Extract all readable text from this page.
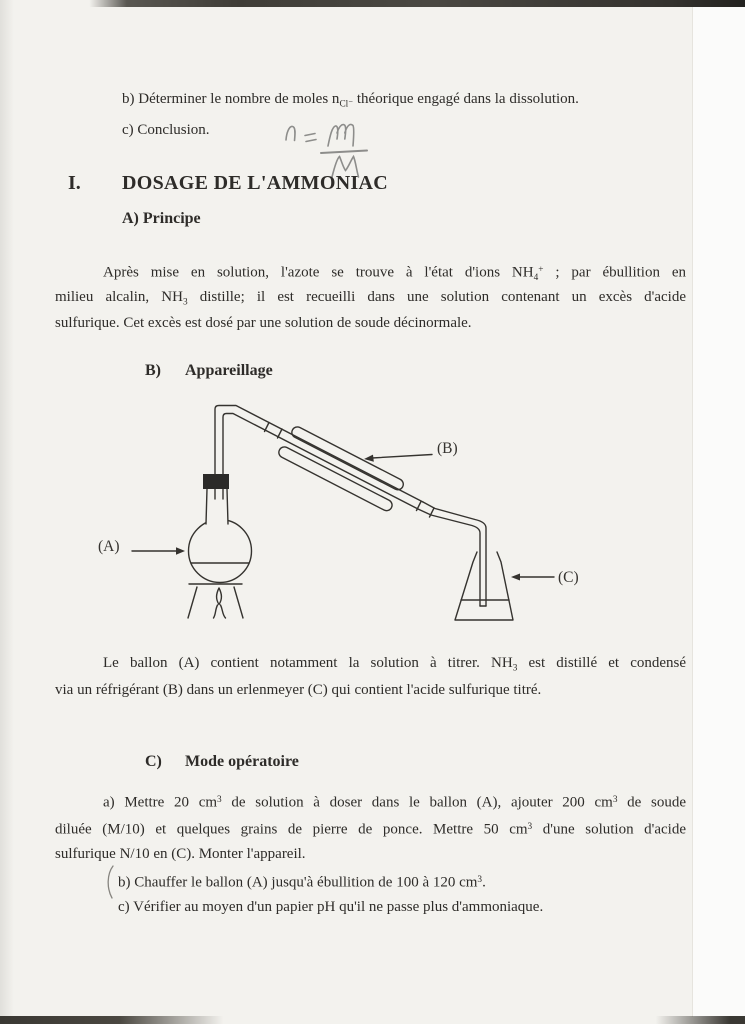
b) Déterminer le nombre de moles $n_{Cl^-}$ théorique engagé dans la dissolution.
c) Conclusion.
I. DOSAGE DE L'AMMONIAC
A) Principe
Après mise en solution, l'azote se trouve à l'état d'ions $NH_4^+$ ; par ébullition en
milieu alcalin, $NH_3$ distille; il est recueilli dans une solution contenant un excès d'acide
sulfurique. Cet excès est dosé par une solution de soude décinormale.
B) Appareillage
(A)
(B)
(C)
Le ballon (A) contient notamment la solution à titrer. $NH_3$ est distillé et condensé
via un réfrigérant (B) dans un erlenmeyer (C) qui contient l'acide sulfurique titré.
C) Mode opératoire
a) Mettre 20 $cm^3$ de solution à doser dans le ballon (A), ajouter 200 $cm^3$ de soude
diluée (M/10) et quelques grains de pierre de ponce. Mettre 50 $cm^3$ d'une solution d'acide
sulfurique N/10 en (C). Monter l'appareil.
b) Chauffer le ballon (A) jusqu'à ébullition de 100 à 120 $cm^3$.
c) Vérifier au moyen d'un papier pH qu'il ne passe plus d'ammoniaque.
